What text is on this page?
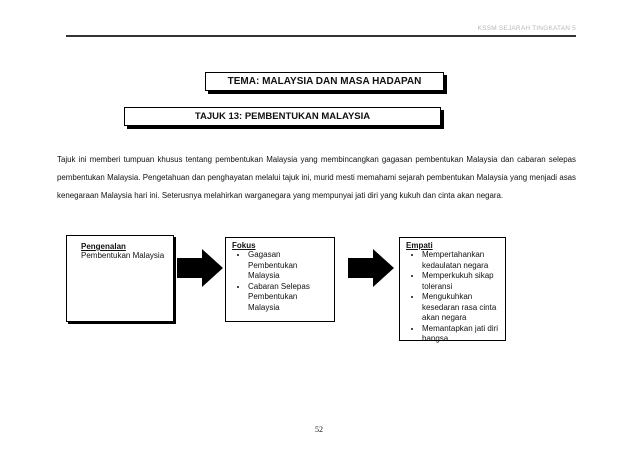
KSSM SEJARAH TINGKATAN 5
TEMA: MALAYSIA DAN MASA HADAPAN
TAJUK 13: PEMBENTUKAN MALAYSIA
Tajuk ini memberi tumpuan khusus tentang pembentukan Malaysia yang membincangkan gagasan pembentukan Malaysia dan cabaran selepas pembentukan Malaysia. Pengetahuan dan penghayatan melalui tajuk ini, murid mesti memahami sejarah pembentukan Malaysia yang menjadi asas kenegaraan Malaysia hari ini. Seterusnya melahirkan warganegara yang mempunyai jati diri yang kukuh dan cinta akan negara.
Pengenalan
Pembentukan Malaysia
Fokus
• Gagasan Pembentukan Malaysia
• Cabaran Selepas Pembentukan Malaysia
Empati
• Mempertahankan kedaulatan negara
• Memperkukuh sikap toleransi
• Mengukuhkan kesedaran rasa cinta akan negara
• Memantapkan jati diri bangsa
52
